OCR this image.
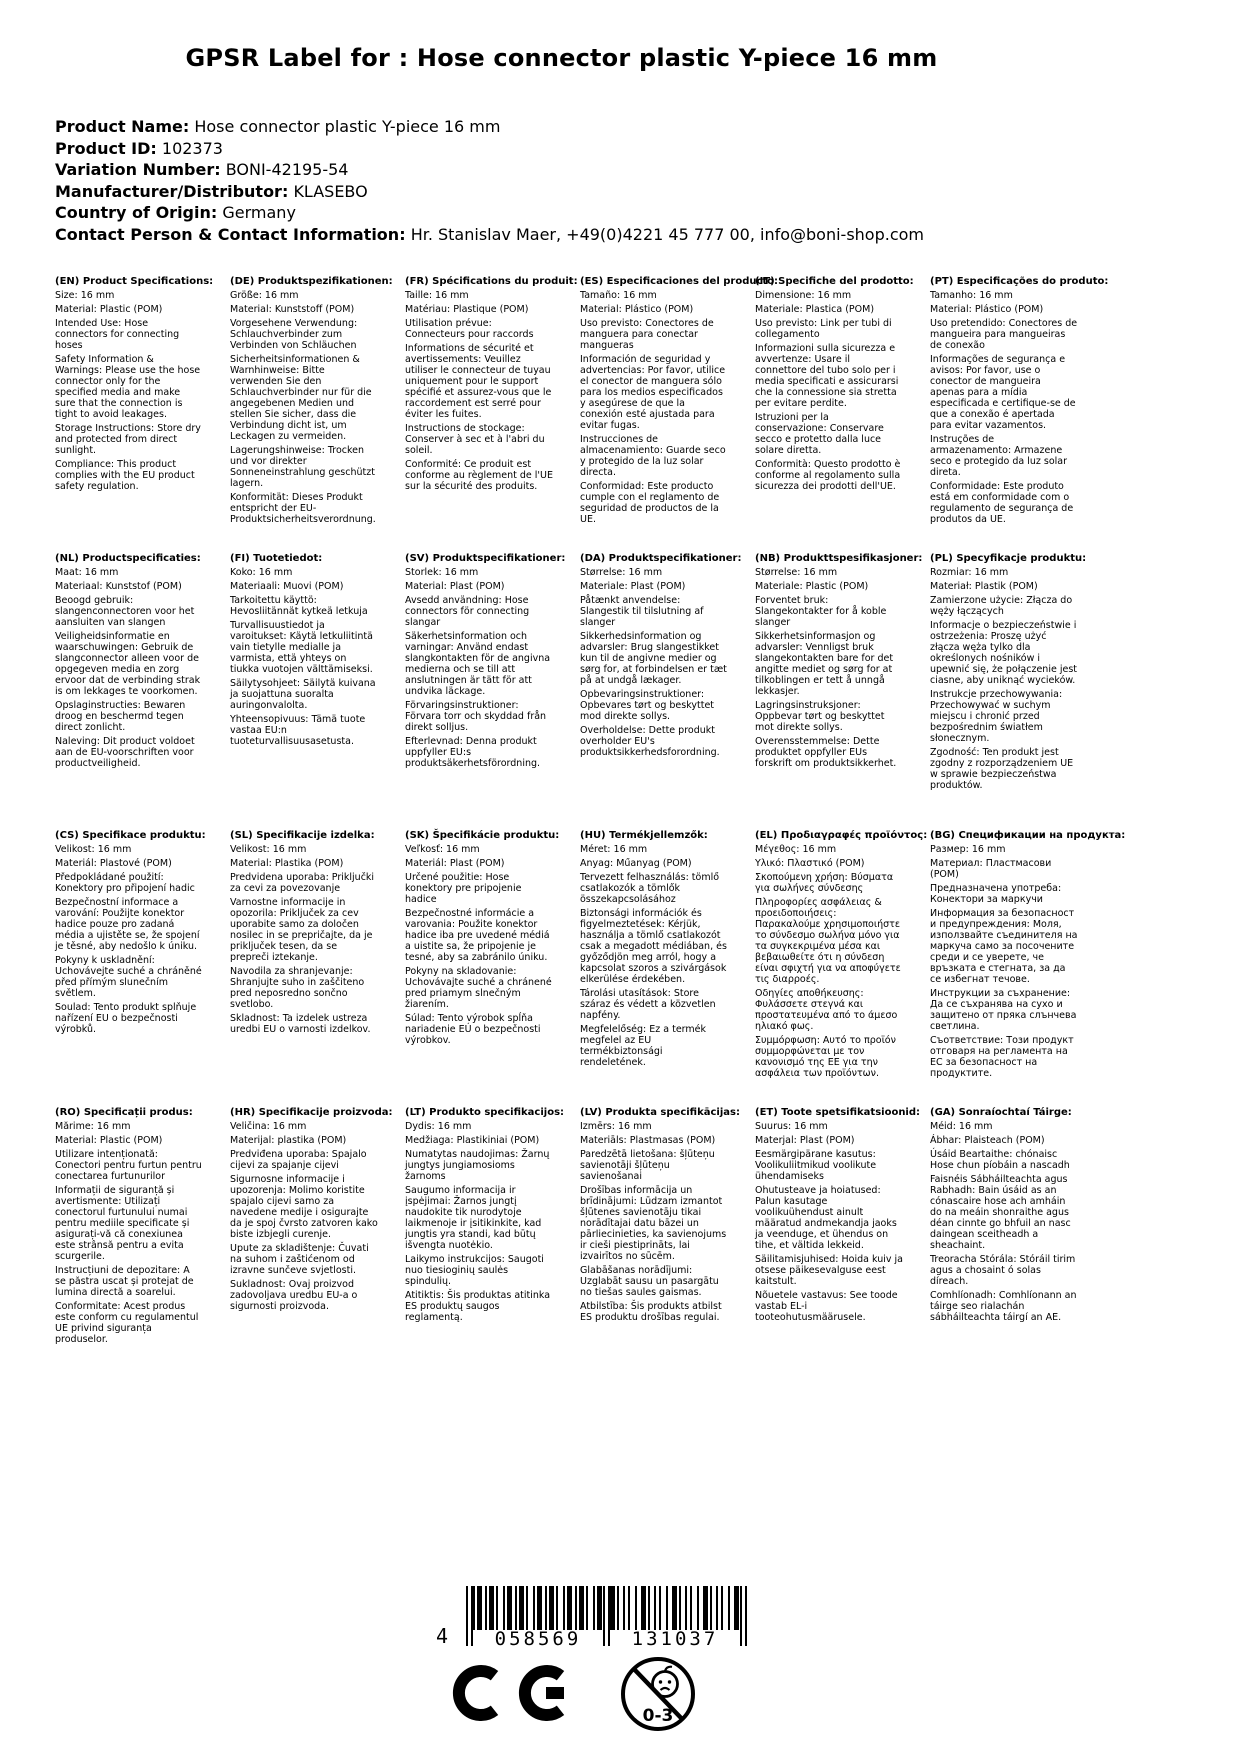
GPSR Label for : Hose connector plastic Y-piece 16 mm
Product Name: Hose connector plastic Y-piece 16 mm
Product ID: 102373
Variation Number: BONI-42195-54
Manufacturer/Distributor: KLASEBO
Country of Origin: Germany
Contact Person & Contact Information: Hr. Stanislav Maer, +49(0)4221 45 777 00, info@boni-shop.com
(EN) Product Specifications:

Size: 16 mm

Material: Plastic (POM)

Intended Use: Hose connectors for connecting hoses

Safety Information & Warnings: Please use the hose connector only for the specified media and make sure that the connection is tight to avoid leakages.

Storage Instructions: Store dry and protected from direct sunlight.

Compliance: This product complies with the EU product safety regulation.

(DE) Produktspezifikationen:

Größe: 16 mm

Material: Kunststoff (POM)

Vorgesehene Verwendung: Schlauchverbinder zum Verbinden von Schläuchen

Sicherheitsinformationen & Warnhinweise: Bitte verwenden Sie den Schlauchverbinder nur für die angegebenen Medien und stellen Sie sicher, dass die Verbindung dicht ist, um Leckagen zu vermeiden.

Lagerungshinweise: Trocken und vor direkter Sonneneinstrahlung geschützt lagern.

Konformität: Dieses Produkt entspricht der EU-Produktsicherheitsverordnung.

(FR) Spécifications du produit:

Taille: 16 mm

Matériau: Plastique (POM)

Utilisation prévue: Connecteurs pour raccords

Informations de sécurité et avertissements: Veuillez utiliser le connecteur de tuyau uniquement pour le support spécifié et assurez-vous que le raccordement est serré pour éviter les fuites.

Instructions de stockage: Conserver à sec et à l'abri du soleil.

Conformité: Ce produit est conforme au règlement de l'UE sur la sécurité des produits.

(ES) Especificaciones del producto:

Tamaño: 16 mm

Material: Plástico (POM)

Uso previsto: Conectores de manguera para conectar mangueras

Información de seguridad y advertencias: Por favor, utilice el conector de manguera sólo para los medios especificados y asegúrese de que la conexión esté ajustada para evitar fugas.

Instrucciones de almacenamiento: Guarde seco y protegido de la luz solar directa.

Conformidad: Este producto cumple con el reglamento de seguridad de productos de la UE.

(IT) Specifiche del prodotto:

Dimensione: 16 mm

Materiale: Plastica (POM)

Uso previsto: Link per tubi di collegamento

Informazioni sulla sicurezza e avvertenze: Usare il connettore del tubo solo per i media specificati e assicurarsi che la connessione sia stretta per evitare perdite.

Istruzioni per la conservazione: Conservare secco e protetto dalla luce solare diretta.

Conformità: Questo prodotto è conforme al regolamento sulla sicurezza dei prodotti dell'UE.

(PT) Especificações do produto:

Tamanho: 16 mm

Material: Plástico (POM)

Uso pretendido: Conectores de mangueira para mangueiras de conexão

Informações de segurança e avisos: Por favor, use o conector de mangueira apenas para a mídia especificada e certifique-se de que a conexão é apertada para evitar vazamentos.

Instruções de armazenamento: Armazene seco e protegido da luz solar direta.

Conformidade: Este produto está em conformidade com o regulamento de segurança de produtos da UE.

(NL) Productspecificaties:

Maat: 16 mm

Materiaal: Kunststof (POM)

Beoogd gebruik: slangenconnectoren voor het aansluiten van slangen

Veiligheidsinformatie en waarschuwingen: Gebruik de slangconnector alleen voor de opgegeven media en zorg ervoor dat de verbinding strak is om lekkages te voorkomen.

Opslaginstructies: Bewaren droog en beschermd tegen direct zonlicht.

Naleving: Dit product voldoet aan de EU-voorschriften voor productveiligheid.

(FI) Tuotetiedot:

Koko: 16 mm

Materiaali: Muovi (POM)

Tarkoitettu käyttö: Hevosliitännät kytkeä letkuja

Turvallisuustiedot ja varoitukset: Käytä letkuliitintä vain tietylle medialle ja varmista, että yhteys on tiukka vuotojen välttämiseksi.

Säilytysohjeet: Säilytä kuivana ja suojattuna suoralta auringonvalolta.

Yhteensopivuus: Tämä tuote vastaa EU:n tuoteturvallisuusasetusta.

(SV) Produktspecifikationer:

Storlek: 16 mm

Material: Plast (POM)

Avsedd användning: Hose connectors för connecting slangar

Säkerhetsinformation och varningar: Använd endast slangkontakten för de angivna medierna och se till att anslutningen är tätt för att undvika läckage.

Förvaringsinstruktioner: Förvara torr och skyddad från direkt solljus.

Efterlevnad: Denna produkt uppfyller EU:s produktsäkerhetsförordning.

(DA) Produktspecifikationer:

Størrelse: 16 mm

Materiale: Plast (POM)

Påtænkt anvendelse: Slangestik til tilslutning af slanger

Sikkerhedsinformation og advarsler: Brug slangestikket kun til de angivne medier og sørg for, at forbindelsen er tæt på at undgå lækager.

Opbevaringsinstruktioner: Opbevares tørt og beskyttet mod direkte sollys.

Overholdelse: Dette produkt overholder EU's produktsikkerhedsforordning.

(NB) Produkttspesifikasjoner:

Størrelse: 16 mm

Materiale: Plastic (POM)

Forventet bruk: Slangekontakter for å koble slanger

Sikkerhetsinformasjon og advarsler: Vennligst bruk slangekontakten bare for det angitte mediet og sørg for at tilkoblingen er tett å unngå lekkasjer.

Lagringsinstruksjoner: Oppbevar tørt og beskyttet mot direkte sollys.

Overensstemmelse: Dette produktet oppfyller EUs forskrift om produktsikkerhet.

(PL) Specyfikacje produktu:

Rozmiar: 16 mm

Materiał: Plastik (POM)

Zamierzone użycie: Złącza do węży łączących

Informacje o bezpieczeństwie i ostrzeżenia: Proszę użyć złącza węża tylko dla określonych nośników i upewnić się, że połączenie jest ciasne, aby uniknąć wycieków.

Instrukcje przechowywania: Przechowywać w suchym miejscu i chronić przed bezpośrednim światłem słonecznym.

Zgodność: Ten produkt jest zgodny z rozporządzeniem UE w sprawie bezpieczeństwa produktów.

(CS) Specifikace produktu:

Velikost: 16 mm

Materiál: Plastové (POM)

Předpokládané použití: Konektory pro připojení hadic

Bezpečnostní informace a varování: Použijte konektor hadice pouze pro zadaná média a ujistěte se, že spojení je těsné, aby nedošlo k úniku.

Pokyny k uskladnění: Uchovávejte suché a chráněné před přímým slunečním světlem.

Soulad: Tento produkt splňuje nařízení EU o bezpečnosti výrobků.

(SL) Specifikacije izdelka:

Velikost: 16 mm

Material: Plastika (POM)

Predvidena uporaba: Priključki za cevi za povezovanje

Varnostne informacije in opozorila: Priključek za cev uporabite samo za določen nosilec in se prepričajte, da je priključek tesen, da se prepreči iztekanje.

Navodila za shranjevanje: Shranjujte suho in zaščiteno pred neposredno sončno svetlobo.

Skladnost: Ta izdelek ustreza uredbi EU o varnosti izdelkov.

(SK) Špecifikácie produktu:

Veľkosť: 16 mm

Materiál: Plast (POM)

Určené použitie: Hose konektory pre pripojenie hadice

Bezpečnostné informácie a varovania: Použite konektor hadice iba pre uvedené médiá a uistite sa, že pripojenie je tesné, aby sa zabránilo úniku.

Pokyny na skladovanie: Uchovávajte suché a chránené pred priamym slnečným žiarením.

Súlad: Tento výrobok spĺňa nariadenie EÚ o bezpečnosti výrobkov.

(HU) Termékjellemzők:

Méret: 16 mm

Anyag: Műanyag (POM)

Tervezett felhasználás: tömlő csatlakozók a tömlők összekapcsolásához

Biztonsági információk és figyelmeztetések: Kérjük, használja a tömlő csatlakozót csak a megadott médiában, és győződjön meg arról, hogy a kapcsolat szoros a szivárgások elkerülése érdekében.

Tárolási utasítások: Store száraz és védett a közvetlen napfény.

Megfelelőség: Ez a termék megfelel az EU termékbiztonsági rendeletének.

(EL) Προδιαγραφές προϊόντος:

Μέγεθος: 16 mm

Υλικό: Πλαστικό (POM)

Σκοπούμενη χρήση: Βύσματα για σωλήνες σύνδεσης

Πληροφορίες ασφάλειας & προειδοποιήσεις: Παρακαλούμε χρησιμοποιήστε το σύνδεσμο σωλήνα μόνο για τα συγκεκριμένα μέσα και βεβαιωθείτε ότι η σύνδεση είναι σφιχτή για να αποφύγετε τις διαρροές.

Οδηγίες αποθήκευσης: Φυλάσσετε στεγνά και προστατευμένα από το άμεσο ηλιακό φως.

Συμμόρφωση: Αυτό το προϊόν συμμορφώνεται με τον κανονισμό της ΕΕ για την ασφάλεια των προϊόντων.

(BG) Спецификации на продукта:

Размер: 16 mm

Материал: Пластмасови (POM)

Предназначена употреба: Конектори за маркучи

Информация за безопасност и предупреждения: Моля, използвайте съединителя на маркуча само за посочените среди и се уверете, че връзката е стегната, за да се избегнат течове.

Инструкции за съхранение: Да се съхранява на сухо и защитено от пряка слънчева светлина.

Съответствие: Този продукт отговаря на регламента на ЕС за безопасност на продуктите.

(RO) Specificații produs:

Mărime: 16 mm

Material: Plastic (POM)

Utilizare intenționată: Conectori pentru furtun pentru conectarea furtunurilor

Informații de siguranță și avertismente: Utilizați conectorul furtunului numai pentru mediile specificate și asigurați-vă că conexiunea este strânsă pentru a evita scurgerile.

Instrucțiuni de depozitare: A se păstra uscat și protejat de lumina directă a soarelui.

Conformitate: Acest produs este conform cu regulamentul UE privind siguranța produselor.

(HR) Specifikacije proizvoda:

Veličina: 16 mm

Materijal: plastika (POM)

Predviđena uporaba: Spajalo cijevi za spajanje cijevi

Sigurnosne informacije i upozorenja: Molimo koristite spajalo cijevi samo za navedene medije i osigurajte da je spoj čvrsto zatvoren kako biste izbjegli curenje.

Upute za skladištenje: Čuvati na suhom i zaštićenom od izravne sunčeve svjetlosti.

Sukladnost: Ovaj proizvod zadovoljava uredbu EU-a o sigurnosti proizvoda.

(LT) Produkto specifikacijos:

Dydis: 16 mm

Medžiaga: Plastikiniai (POM)

Numatytas naudojimas: Žarnų jungtys jungiamosioms žarnoms

Saugumo informacija ir įspėjimai: Žarnos jungtį naudokite tik nurodytoje laikmenoje ir įsitikinkite, kad jungtis yra standi, kad būtų išvengta nuotėkio.

Laikymo instrukcijos: Saugoti nuo tiesioginių saulės spindulių.

Atitiktis: Šis produktas atitinka ES produktų saugos reglamentą.

(LV) Produkta specifikācijas:

Izmērs: 16 mm

Materiāls: Plastmasas (POM)

Paredzētā lietošana: šļūteņu savienotāji šļūteņu savienošanai

Drošības informācija un brīdinājumi: Lūdzam izmantot šļūtenes savienotāju tikai norādītajai datu bāzei un pārliecinieties, ka savienojums ir cieši piestiprināts, lai izvairītos no sūcēm.

Glabāšanas norādījumi: Uzglabāt sausu un pasargātu no tiešas saules gaismas.

Atbilstība: Šis produkts atbilst ES produktu drošības regulai.

(ET) Toote spetsifikatsioonid:

Suurus: 16 mm

Materjal: Plast (POM)

Eesmärgipärane kasutus: Voolikuliitmikud voolikute ühendamiseks

Ohutusteave ja hoiatused: Palun kasutage voolikuühendust ainult määratud andmekandja jaoks ja veenduge, et ühendus on tihe, et vältida lekkeid.

Säilitamisjuhised: Hoida kuiv ja otsese päikesevalguse eest kaitstult.

Nõuetele vastavus: See toode vastab EL-i tooteohutusmäärusele.

(GA) Sonraíochtaí Táirge:

Méid: 16 mm

Ábhar: Plaisteach (POM)

Úsáid Beartaithe: chónaisc Hose chun píobáin a nascadh

Faisnéis Sábháilteachta agus Rabhadh: Bain úsáid as an cónascaire hose ach amháin do na meáin shonraithe agus déan cinnte go bhfuil an nasc daingean sceitheadh a sheachaint.

Treoracha Stórála: Stóráil tirim agus a chosaint ó solas díreach.

Comhlíonadh: Comhlíonann an táirge seo rialachán sábháilteachta táirgí an AE.

4	058569	131037
0-3
